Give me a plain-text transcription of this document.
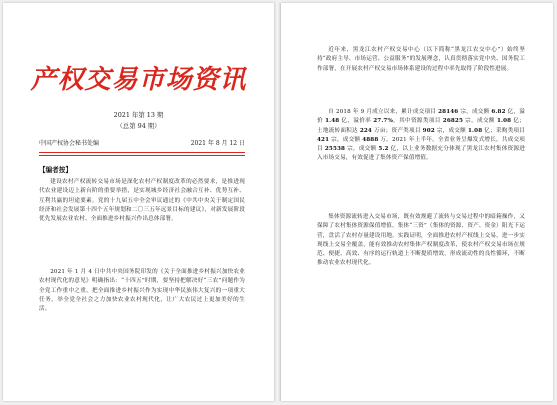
产权交易市场资讯
2021 年第 13 期
（总第 94 期）
中国产权协会秘书处编	2021 年 8 月 12 日
【编者按】
建设农村产权流转交易市场是深化农村产权制度改革的必然要求，是推进现代农业建设迈上新台阶的重要举措，是实现城乡经济社会融合互补、优势互补、互利共赢的坦途要素。党的十九届五中全会审议通过的《中共中央关于制定国民经济和社会发展第十四个五年规划和二〇三五年远景目标的建议》，对新发展阶段优先发展农业农村、全面推进乡村振兴作出总体部署。
2021 年 1 月 4 日中共中央国务院印发的《关于全面推进乡村振兴加快农业农村现代化的意见》明确指出：“十四五”时期，要坚持把解决好“三农”问题作为全党工作重中之重，把全面推进乡村振兴作为实现中华民族伟大复兴的一项重大任务，举全党全社会之力加快农业农村现代化，让广大农民过上更加美好的生活。
近年来，黑龙江农村产权交易中心（以下简称“黑龙江农交中心”）始终坚持“政府主导、市场运营、公益服务”的发展理念，认真贯彻落实党中央、国务院工作部署，在开展农村产权交易市场体系建设的过程中率先取得了阶段性进展。
自 2018 年 9 月成立以来，累计成交项目 28146 宗，成交额 6.82 亿，溢价 1.48 亿，溢价率 27.7%。其中资源类项目 26825 宗，成交额 1.08 亿；土地流转面积达 224 万亩；资产类项目 902 宗，成交额 1.08 亿；采购类项目 421 宗，成交额 4888 万。2021 年上半年，全省业务呈爆发式增长，共成交项目 25538 宗，成交额 5.2 亿，以上业务数据充分体现了黑龙江农村集体资源进入市场交易，有效促进了集体资产保值增值。
集体资源流转进入交易市场，既有效规避了流转与交易过程中的暗箱操作，又保障了农村集体资源保值增值。集体“三资”（集体的资源、资产、资金）阳光下运营，盘活了农村存量建设用地。实践证明，全面推进农村产权线上交易，进一步实现线上交易全覆盖，能有效推动农村集体产权制度改革，使农村产权交易市场在规范、便捷、高效、有序的运行轨道上不断提质增效，形成流动性的良性循环，不断推动农业农村现代化。
